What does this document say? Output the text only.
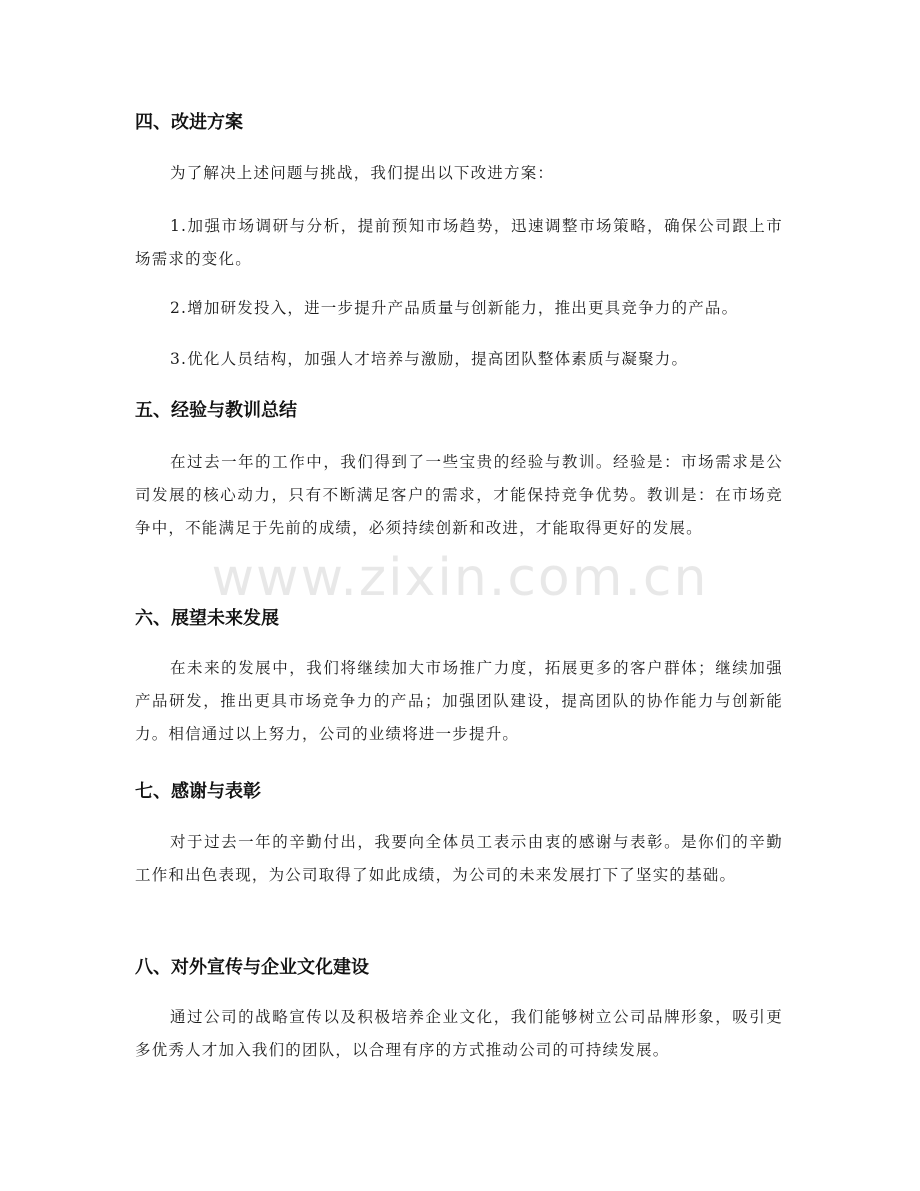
四、改进方案

为了解决上述问题与挑战，我们提出以下改进方案：

1.加强市场调研与分析，提前预知市场趋势，迅速调整市场策略，确保公司跟上市场需求的变化。

2.增加研发投入，进一步提升产品质量与创新能力，推出更具竞争力的产品。

3.优化人员结构，加强人才培养与激励，提高团队整体素质与凝聚力。

五、经验与教训总结

在过去一年的工作中，我们得到了一些宝贵的经验与教训。经验是：市场需求是公司发展的核心动力，只有不断满足客户的需求，才能保持竞争优势。教训是：在市场竞争中，不能满足于先前的成绩，必须持续创新和改进，才能取得更好的发展。

六、展望未来发展

在未来的发展中，我们将继续加大市场推广力度，拓展更多的客户群体；继续加强产品研发，推出更具市场竞争力的产品；加强团队建设，提高团队的协作能力与创新能力。相信通过以上努力，公司的业绩将进一步提升。

七、感谢与表彰

对于过去一年的辛勤付出，我要向全体员工表示由衷的感谢与表彰。是你们的辛勤工作和出色表现，为公司取得了如此成绩，为公司的未来发展打下了坚实的基础。

八、对外宣传与企业文化建设

通过公司的战略宣传以及积极培养企业文化，我们能够树立公司品牌形象，吸引更多优秀人才加入我们的团队，以合理有序的方式推动公司的可持续发展。

www.zixin.com.cn
